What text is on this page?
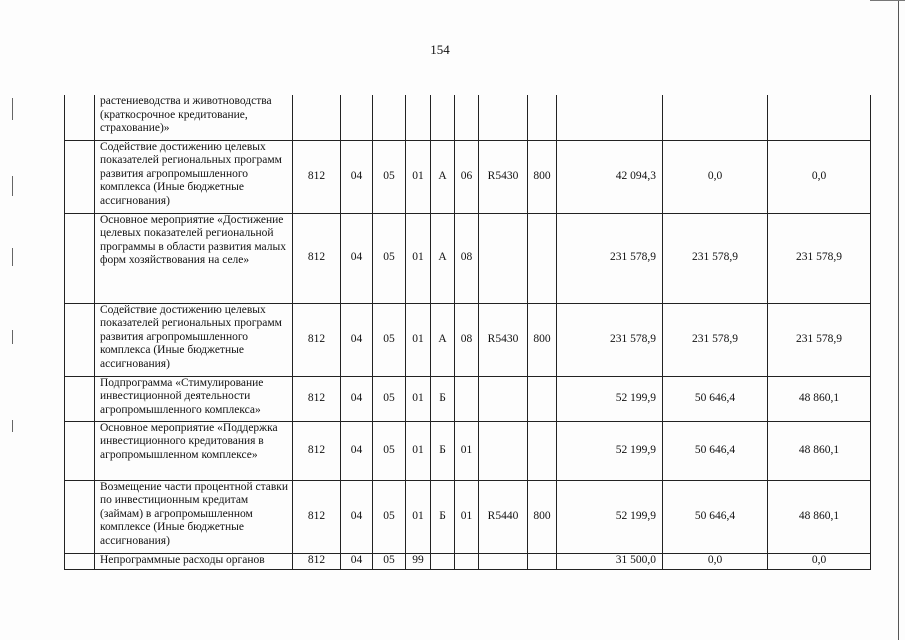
154
	растениеводства и животноводства (краткосрочное кредитование, страхование)»											
	Содействие достижению целевых показателей региональных программ развития агропромышленного комплекса (Иные бюджетные ассигнования)	812	04	05	01	А	06	R5430	800	42 094,3	0,0	0,0
	Основное мероприятие «Достижение целевых показателей региональной программы в области развития малых форм хозяйствования на селе»	812	04	05	01	А	08			231 578,9	231 578,9	231 578,9
	Содействие достижению целевых показателей региональных программ развития агропромышленного комплекса (Иные бюджетные ассигнования)	812	04	05	01	А	08	R5430	800	231 578,9	231 578,9	231 578,9
	Подпрограмма «Стимулирование инвестиционной деятельности агропромышленного комплекса»	812	04	05	01	Б				52 199,9	50 646,4	48 860,1
	Основное мероприятие «Поддержка инвестиционного кредитования в агропромышленном комплексе»	812	04	05	01	Б	01			52 199,9	50 646,4	48 860,1
	Возмещение части процентной ставки по инвестиционным кредитам (займам) в агропромышленном комплексе (Иные бюджетные ассигнования)	812	04	05	01	Б	01	R5440	800	52 199,9	50 646,4	48 860,1
	Непрограммные расходы органов	812	04	05	99					31 500,0	0,0	0,0
